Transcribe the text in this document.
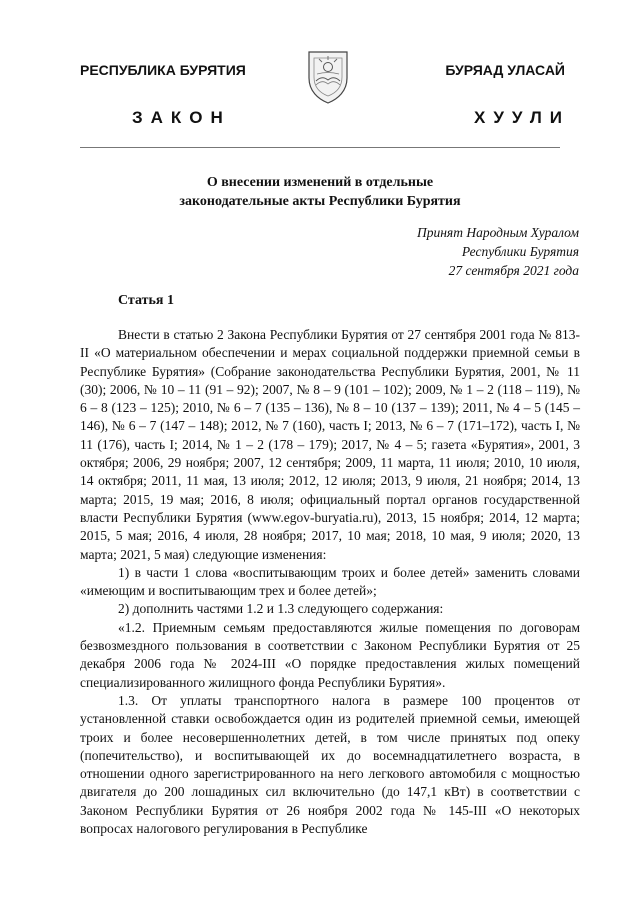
РЕСПУБЛИКА БУРЯТИЯ	БУРЯАД УЛАСАЙ
ЗАКОН	ХУУЛИ
О внесении изменений в отдельные
законодательные акты Республики Бурятия
Принят Народным Хуралом
Республики Бурятия
27 сентября 2021 года
Статья 1

Внести в статью 2 Закона Республики Бурятия от 27 сентября 2001 года № 813-II «О материальном обеспечении и мерах социальной поддержки приемной семьи в Республике Бурятия» (Собрание законодательства Республики Бурятия, 2001, № 11 (30); 2006, № 10 – 11 (91 – 92); 2007, № 8 – 9 (101 – 102); 2009, № 1 – 2 (118 – 119), № 6 – 8 (123 – 125); 2010, № 6 – 7 (135 – 136), № 8 – 10 (137 – 139); 2011, № 4 – 5 (145 – 146), № 6 – 7 (147 – 148); 2012, № 7 (160), часть I; 2013, № 6 – 7 (171–172), часть I, № 11 (176), часть I; 2014, № 1 – 2 (178 – 179); 2017, № 4 – 5; газета «Бурятия», 2001, 3 октября; 2006, 29 ноября; 2007, 12 сентября; 2009, 11 марта, 11 июля; 2010, 10 июля, 14 октября; 2011, 11 мая, 13 июля; 2012, 12 июля; 2013, 9 июля, 21 ноября; 2014, 13 марта; 2015, 19 мая; 2016, 8 июля; официальный портал органов государственной власти Республики Бурятия (www.egov-buryatia.ru), 2013, 15 ноября; 2014, 12 марта; 2015, 5 мая; 2016, 4 июля, 28 ноября; 2017, 10 мая; 2018, 10 мая, 9 июля; 2020, 13 марта; 2021, 5 мая) следующие изменения:

1) в части 1 слова «воспитывающим троих и более детей» заменить словами «имеющим и воспитывающим трех и более детей»;

2) дополнить частями 1.2 и 1.3 следующего содержания:

«1.2. Приемным семьям предоставляются жилые помещения по договорам безвозмездного пользования в соответствии с Законом Республики Бурятия от 25 декабря 2006 года № 2024-III «О порядке предоставления жилых помещений специализированного жилищного фонда Республики Бурятия».

1.3. От уплаты транспортного налога в размере 100 процентов от установленной ставки освобождается один из родителей приемной семьи, имеющей троих и более несовершеннолетних детей, в том числе принятых под опеку (попечительство), и воспитывающей их до восемнадцатилетнего возраста, в отношении одного зарегистрированного на него легкового автомобиля с мощностью двигателя до 200 лошадиных сил включительно (до 147,1 кВт) в соответствии с Законом Республики Бурятия от 26 ноября 2002 года № 145-III «О некоторых вопросах налогового регулирования в Республике
